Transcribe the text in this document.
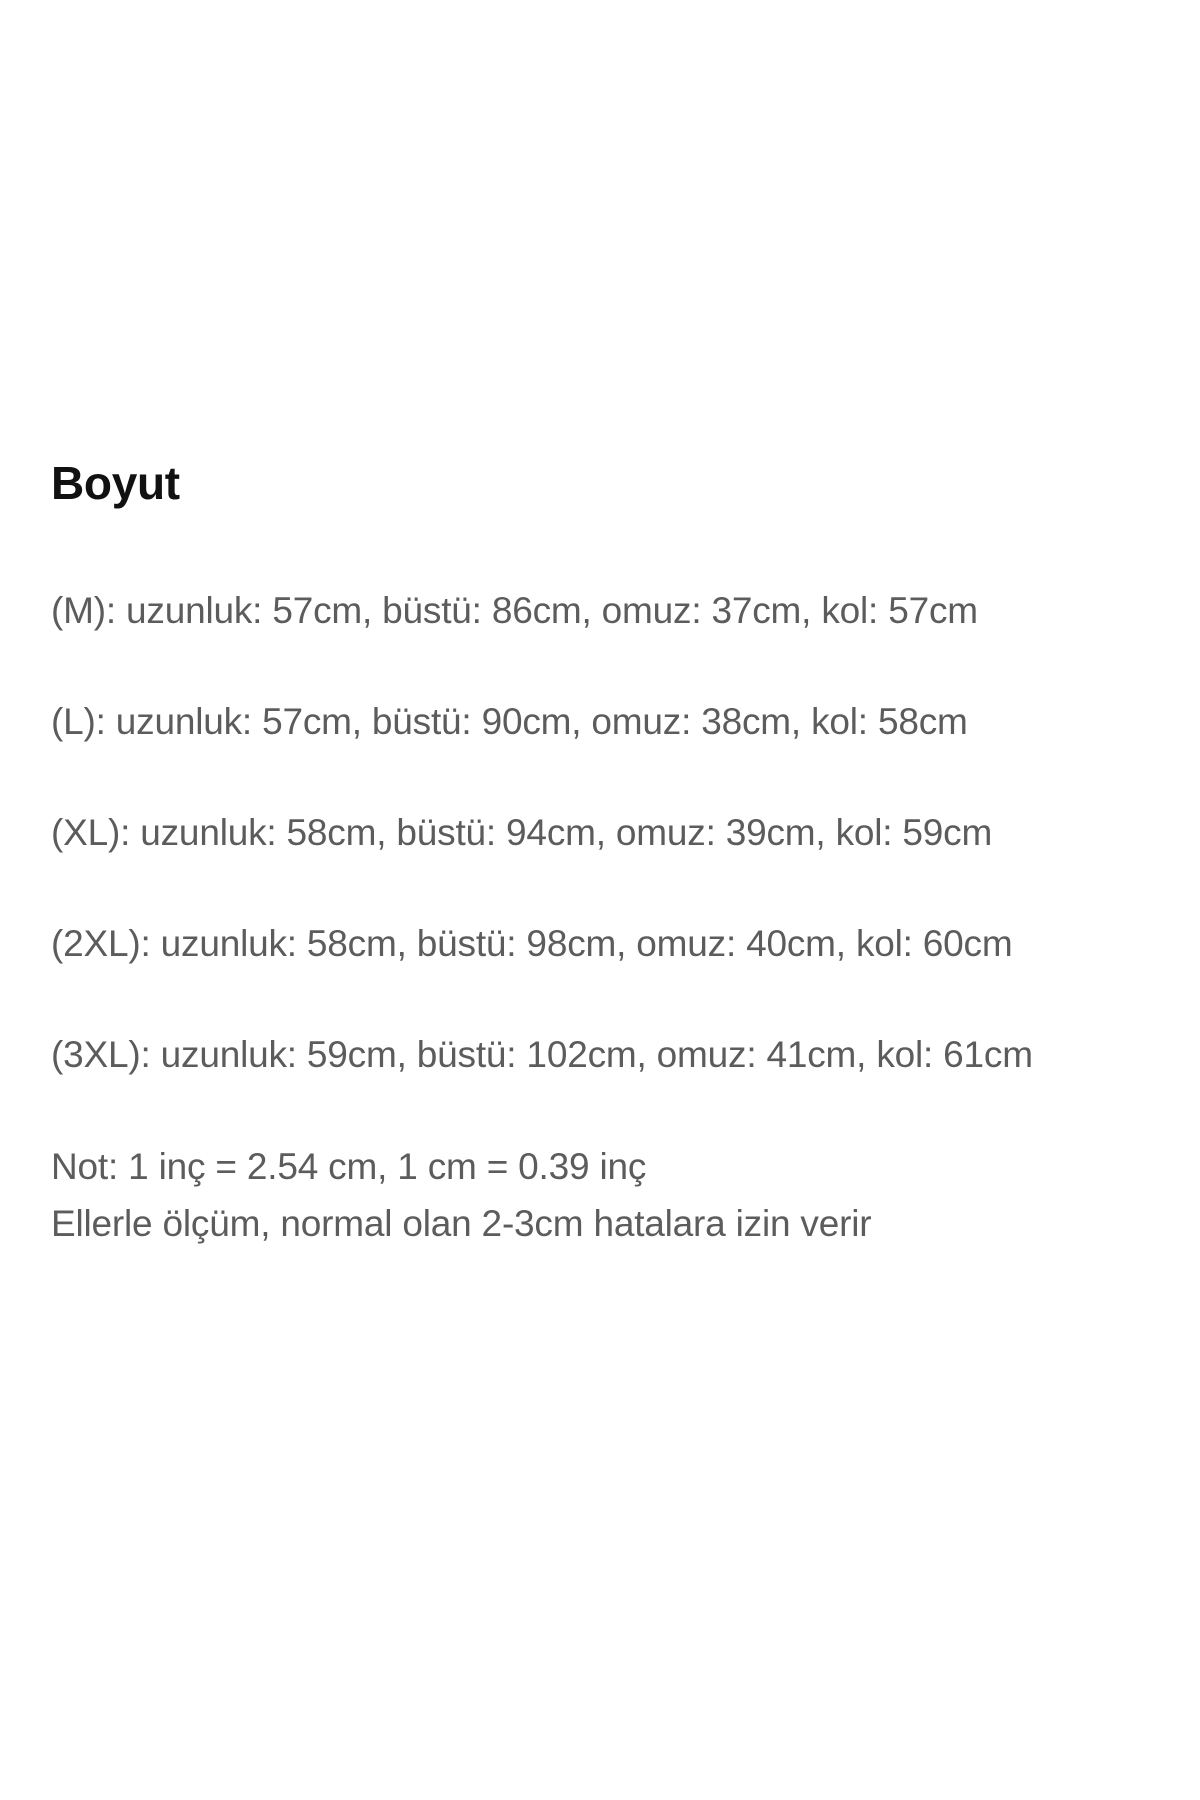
Boyut

(M): uzunluk: 57cm, büstü: 86cm, omuz: 37cm, kol: 57cm

(L): uzunluk: 57cm, büstü: 90cm, omuz: 38cm, kol: 58cm

(XL): uzunluk: 58cm, büstü: 94cm, omuz: 39cm, kol: 59cm

(2XL): uzunluk: 58cm, büstü: 98cm, omuz: 40cm, kol: 60cm

(3XL): uzunluk: 59cm, büstü: 102cm, omuz: 41cm, kol: 61cm

Not: 1 inç = 2.54 cm, 1 cm = 0.39 inç
Ellerle ölçüm, normal olan 2-3cm hatalara izin verir
